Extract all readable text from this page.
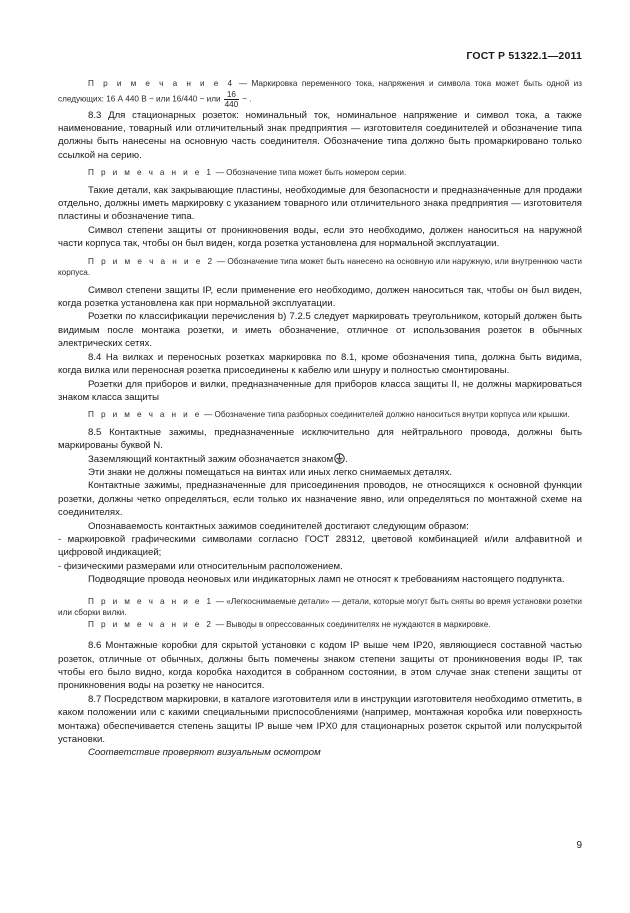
ГОСТ Р 51322.1—2011

П р и м е ч а н и е 4 — Маркировка переменного тока, напряжения и символа тока может быть одной из следующих: 16 А 440 В ~ или 16/440 ~ или $\frac{16}{440}$ ~ .

8.3 Для стационарных розеток: номинальный ток, номинальное напряжение и символ тока, а также наименование, товарный или отличительный знак предприятия — изготовителя соединителей и обозначение типа должны быть нанесены на основную часть соединителя. Обозначение типа должно быть промаркировано только ссылкой на серию.

П р и м е ч а н и е 1 — Обозначение типа может быть номером серии.

Такие детали, как закрывающие пластины, необходимые для безопасности и предназначенные для продажи отдельно, должны иметь маркировку с указанием товарного или отличительного знака предприятия — изготовителя пластины и обозначение типа.

Символ степени защиты от проникновения воды, если это необходимо, должен наноситься на наружной части корпуса так, чтобы он был виден, когда розетка установлена для нормальной эксплуатации.

П р и м е ч а н и е 2 — Обозначение типа может быть нанесено на основную или наружную, или внутреннюю части корпуса.

Символ степени защиты IP, если применение его необходимо, должен наноситься так, чтобы он был виден, когда розетка установлена как при нормальной эксплуатации.

Розетки по классификации перечисления b) 7.2.5 следует маркировать треугольником, который должен быть видимым после монтажа розетки, и иметь обозначение, отличное от использования розеток в обычных электрических сетях.

8.4 На вилках и переносных розетках маркировка по 8.1, кроме обозначения типа, должна быть видима, когда вилка или переносная розетка присоединены к кабелю или шнуру и полностью смонтированы.

Розетки для приборов и вилки, предназначенные для приборов класса защиты II, не должны маркироваться знаком класса защиты

П р и м е ч а н и е — Обозначение типа разборных соединителей должно наноситься внутри корпуса или крышки.

8.5 Контактные зажимы, предназначенные исключительно для нейтрального провода, должны быть маркированы буквой N.

Заземляющий контактный зажим обозначается знаком .

Эти знаки не должны помещаться на винтах или иных легко снимаемых деталях.

Контактные зажимы, предназначенные для присоединения проводов, не относящихся к основной функции розетки, должны четко определяться, если только их назначение явно, или определяться по монтажной схеме на соединителях.

Опознаваемость контактных зажимов соединителей достигают следующим образом:

- маркировкой графическими символами согласно ГОСТ 28312, цветовой комбинацией и/или алфавитной и цифровой индикацией;

- физическими размерами или относительным расположением.

Подводящие провода неоновых или индикаторных ламп не относят к требованиям настоящего подпункта.

П р и м е ч а н и е 1 — «Легкоснимаемые детали» — детали, которые могут быть сняты во время установки розетки или сборки вилки.

П р и м е ч а н и е 2 — Выводы в опрессованных соединителях не нуждаются в маркировке.

8.6 Монтажные коробки для скрытой установки с кодом IP выше чем IP20, являющиеся составной частью розеток, отличные от обычных, должны быть помечены знаком степени защиты от проникновения воды IP, так чтобы его было видно, когда коробка находится в собранном состоянии, в этом случае знак степени защиты от проникновения воды на розетку не наносится.

8.7 Посредством маркировки, в каталоге изготовителя или в инструкции изготовителя необходимо отметить, в каком положении или с какими специальными приспособлениями (например, монтажная коробка или поверхность монтажа) обеспечивается степень защиты IP выше чем IPX0 для стационарных розеток скрытой или полускрытой установки.

Соответствие проверяют визуальным осмотром

9
